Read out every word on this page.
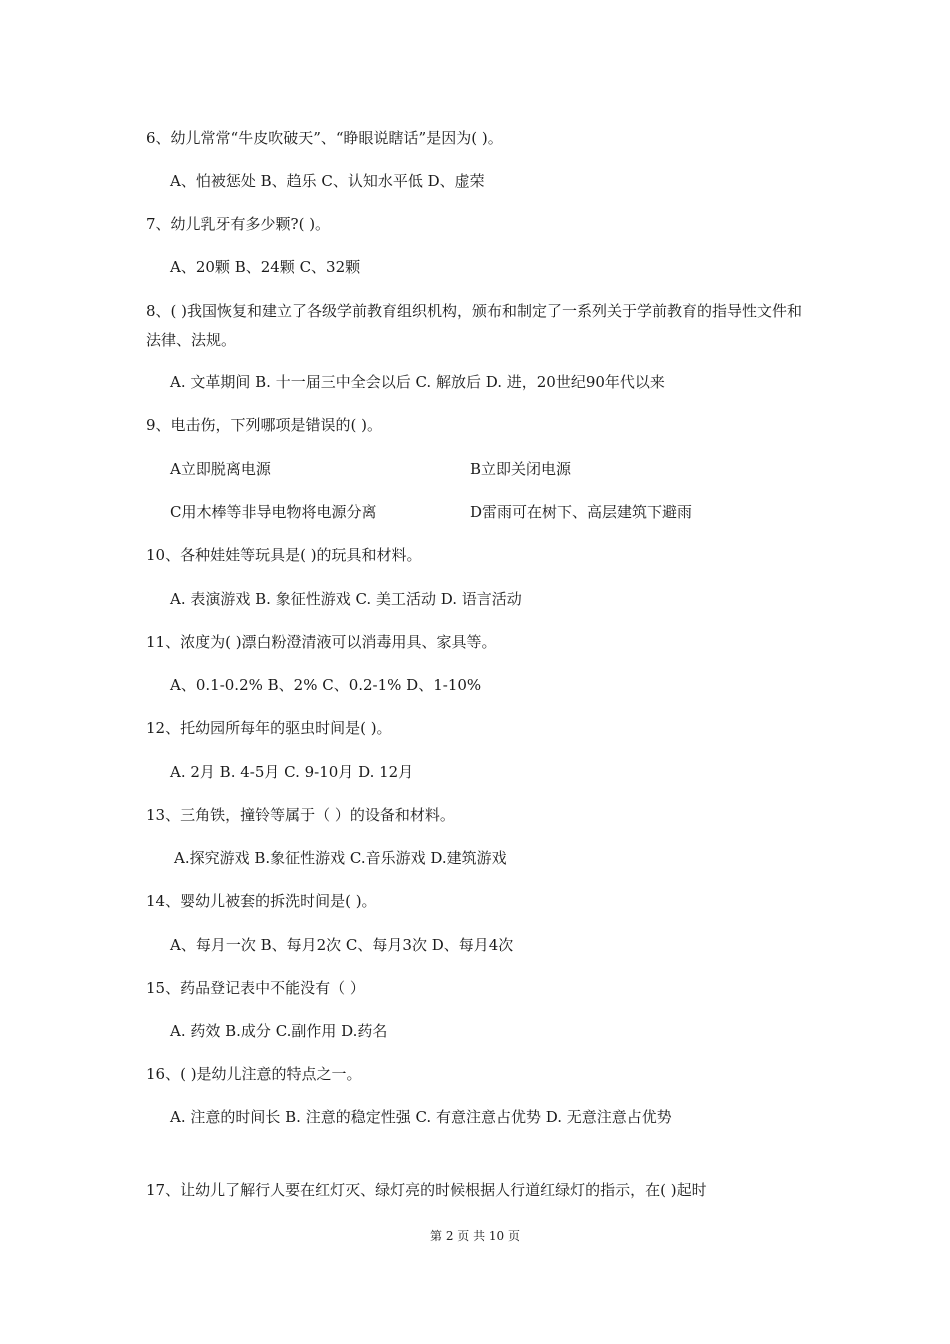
6、幼儿常常“牛皮吹破天”、“睁眼说瞎话”是因为( )。
A、怕被惩处 B、趋乐 C、认知水平低 D、虚荣
7、幼儿乳牙有多少颗?( )。
A、20颗 B、24颗 C、32颗
8、( )我国恢复和建立了各级学前教育组织机构，颁布和制定了一系列关于学前教育的指导性文件和法律、法规。
A. 文革期间 B. 十一届三中全会以后 C. 解放后 D. 进，20世纪90年代以来
9、电击伤，下列哪项是错误的( )。
A立即脱离电源	B立即关闭电源
C用木棒等非导电物将电源分离	D雷雨可在树下、高层建筑下避雨
10、各种娃娃等玩具是( )的玩具和材料。
A. 表演游戏 B. 象征性游戏 C. 美工活动 D. 语言活动
11、浓度为( )漂白粉澄清液可以消毒用具、家具等。
A、0.1-0.2% B、2% C、0.2-1% D、1-10%
12、托幼园所每年的驱虫时间是( )。
A. 2月 B. 4-5月 C. 9-10月 D. 12月
13、三角铁，撞铃等属于（ ）的设备和材料。
A.探究游戏 B.象征性游戏 C.音乐游戏 D.建筑游戏
14、婴幼儿被套的拆洗时间是( )。
A、每月一次 B、每月2次 C、每月3次 D、每月4次
15、药品登记表中不能没有（ ）
A. 药效 B.成分 C.副作用 D.药名
16、( )是幼儿注意的特点之一。
A. 注意的时间长 B. 注意的稳定性强 C. 有意注意占优势 D. 无意注意占优势
17、让幼儿了解行人要在红灯灭、绿灯亮的时候根据人行道红绿灯的指示，在( )起时
第 2 页 共 10 页
